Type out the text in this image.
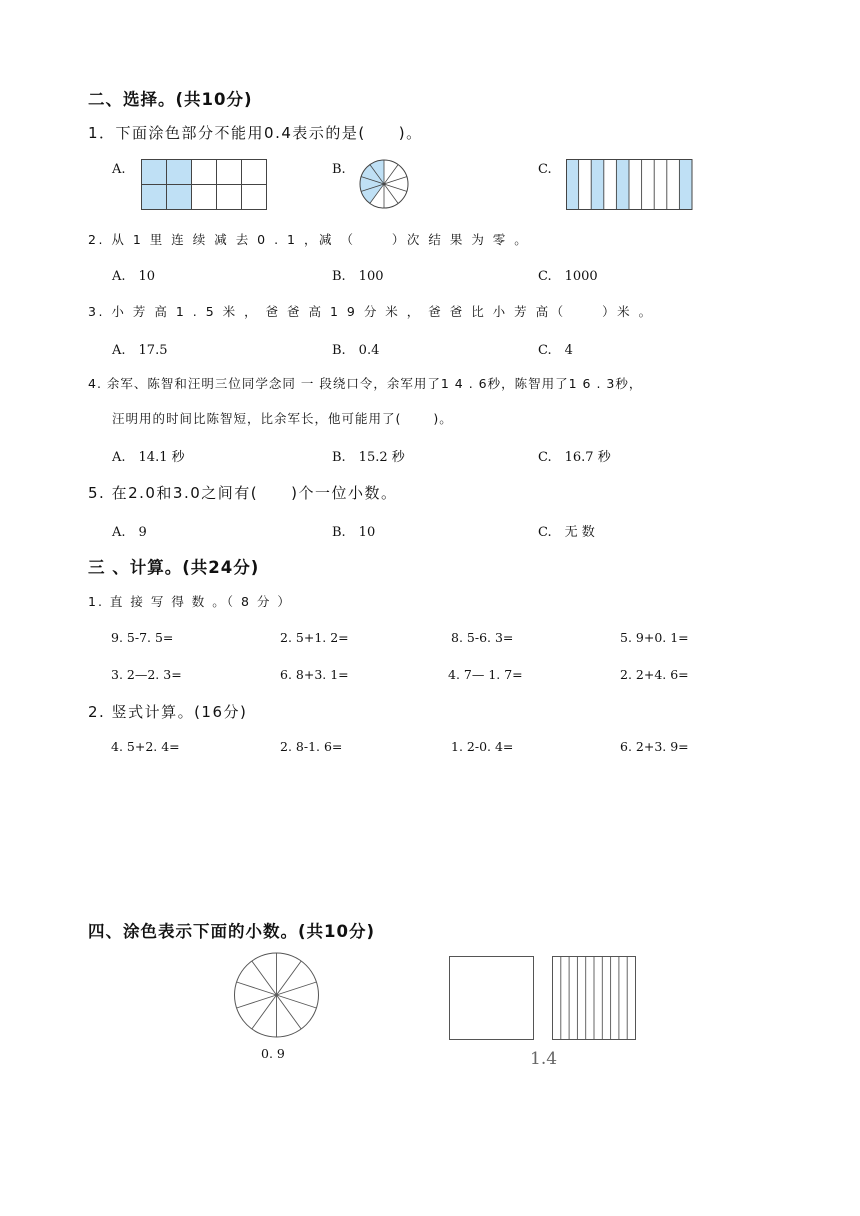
二、选择。(共10分)
1．下面涂色部分不能用0.4表示的是(　　)。
A.	B.	C.
2. 从 1 里 连 续 减 去 0 . 1 ，减 （　　 ）次 结 果 为 零 。
A.　10	B.　100	C.　1000
3. 小 芳 高 1 . 5 米 ， 爸 爸 高 1 9 分 米 ， 爸 爸 比 小 芳 高（　　 ）米 。
A.　17.5	B.　0.4	C.　4
4. 余军、陈智和汪明三位同学念同 一 段绕口令，余军用了1 4 . 6秒，陈智用了1 6 . 3秒，
汪明用的时间比陈智短，比余军长，他可能用了(　　 )。
A.　14.1 秒	B.　15.2 秒	C.　16.7 秒
5. 在2.0和3.0之间有(　　)个一位小数。
A.　9	B.　10	C.　无 数
三 、计算。(共24分)
1. 直 接 写 得 数 。（ 8 分 ）
9. 5-7. 5=	2. 5+1. 2=	8. 5-6. 3=	5. 9+0. 1=
3. 2—2. 3=	6. 8+3. 1=	4. 7— 1. 7=	2. 2+4. 6=
2. 竖式计算。(16分)
4. 5+2. 4=	2. 8-1. 6=	1. 2-0. 4=	6. 2+3. 9=
四、涂色表示下面的小数。(共10分)
0. 9	1.4
